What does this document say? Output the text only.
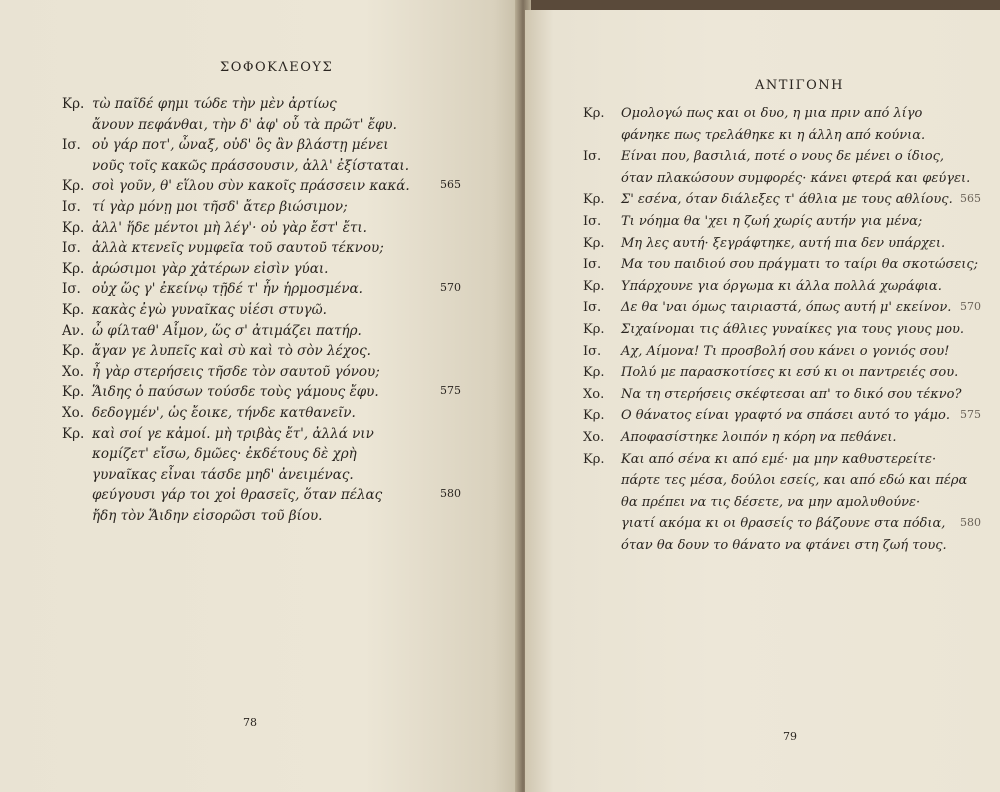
ΣΟΦΟΚΛΕΟΥΣ
Κρ. τὼ παῖδέ φημι τώδε τὴν μὲν ἀρτίως
ἄνουν πεφάνθαι, τὴν δ' ἀφ' οὗ τὰ πρῶτ' ἔφυ.
Ισ. οὐ γάρ ποτ', ὦναξ, οὐδ' ὃς ἂν βλάστῃ μένει
νοῦς τοῖς κακῶς πράσσουσιν, ἀλλ' ἐξίσταται.
Κρ. σοὶ γοῦν, θ' εἵλου σὺν κακοῖς πράσσειν κακά.	565
Ισ. τί γὰρ μόνῃ μοι τῆσδ' ἄτερ βιώσιμον;
Κρ. ἀλλ' ἥδε μέντοι μὴ λέγ'· οὐ γὰρ ἔστ' ἔτι.
Ισ. ἀλλὰ κτενεῖς νυμφεῖα τοῦ σαυτοῦ τέκνου;
Κρ. ἀρώσιμοι γὰρ χἀτέρων εἰσὶν γύαι.
Ισ. οὐχ ὥς γ' ἐκείνῳ τῇδέ τ' ἦν ἡρμοσμένα.	570
Κρ. κακὰς ἐγὼ γυναῖκας υἱέσι στυγῶ.
Αν. ὦ φίλταθ' Αἷμον, ὥς σ' ἀτιμάζει πατήρ.
Κρ. ἄγαν γε λυπεῖς καὶ σὺ καὶ τὸ σὸν λέχος.
Χο. ἦ γὰρ στερήσεις τῆσδε τὸν σαυτοῦ γόνου;
Κρ. Ἅιδης ὁ παύσων τούσδε τοὺς γάμους ἔφυ.	575
Χο. δεδογμέν', ὡς ἔοικε, τήνδε κατθανεῖν.
Κρ. καὶ σοί γε κἀμοί. μὴ τριβὰς ἔτ', ἀλλά νιν
κομίζετ' εἴσω, δμῶες· ἐκδέτους δὲ χρὴ
γυναῖκας εἶναι τάσδε μηδ' ἀνειμένας.
φεύγουσι γάρ τοι χοἰ θρασεῖς, ὅταν πέλας	580
ἤδη τὸν Ἅιδην εἰσορῶσι τοῦ βίου.
78
ΑΝΤΙΓΟΝΗ
Κρ. Ομολογώ πως και οι δυο, η μια πριν από λίγο
φάνηκε πως τρελάθηκε κι η άλλη από κούνια.
Ισ. Είναι που, βασιλιά, ποτέ ο νους δε μένει ο ίδιος,
όταν πλακώσουν συμφορές· κάνει φτερά και φεύγει.
Κρ. Σ' εσένα, όταν διάλεξες τ' άθλια με τους αθλίους. 565
Ισ. Τι νόημα θα 'χει η ζωή χωρίς αυτήν για μένα;
Κρ. Μη λες αυτή· ξεγράφτηκε, αυτή πια δεν υπάρχει.
Ισ. Μα του παιδιού σου πράγματι το ταίρι θα σκοτώσεις;
Κρ. Υπάρχουνε για όργωμα κι άλλα πολλά χωράφια.
Ισ. Δε θα 'ναι όμως ταιριαστά, όπως αυτή μ' εκείνον. 570
Κρ. Σιχαίνομαι τις άθλιες γυναίκες για τους γιους μου.
Ισ. Αχ, Αίμονα! Τι προσβολή σου κάνει ο γονιός σου!
Κρ. Πολύ με παρασκοτίσες κι εσύ κι οι παντρειές σου.
Χο. Να τη στερήσεις σκέφτεσαι απ' το δικό σου τέκνο?
Κρ. Ο θάνατος είναι γραφτό να σπάσει αυτό το γάμο. 575
Χο. Αποφασίστηκε λοιπόν η κόρη να πεθάνει.
Κρ. Και από σένα κι από εμέ· μα μην καθυστερείτε·
πάρτε τες μέσα, δούλοι εσείς, και από εδώ και πέρα
θα πρέπει να τις δέσετε, να μην αμολυθούνε·
γιατί ακόμα κι οι θρασείς το βάζουνε στα πόδια, 580
όταν θα δουν το θάνατο να φτάνει στη ζωή τους.
79
